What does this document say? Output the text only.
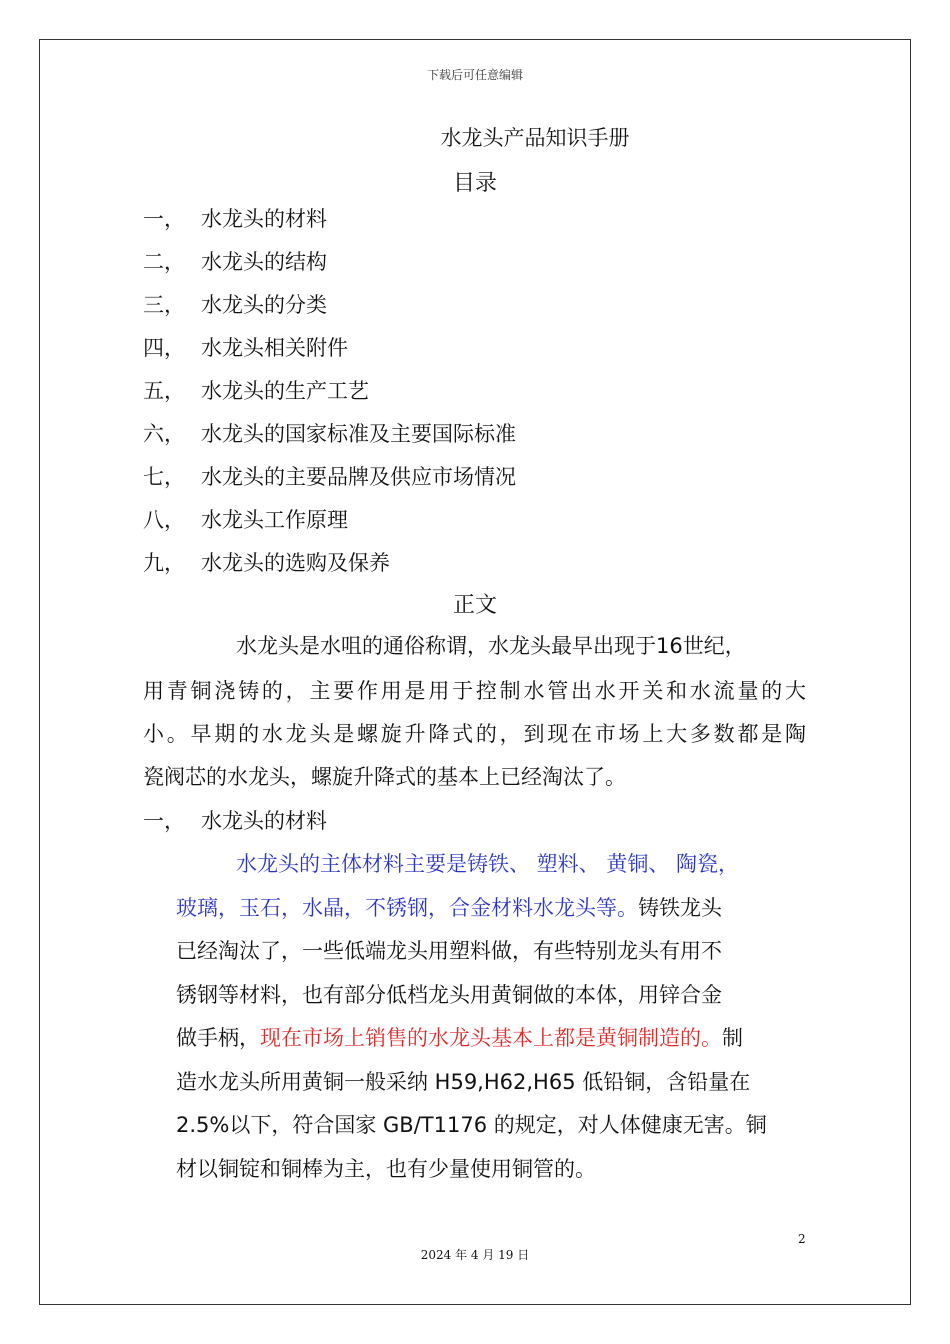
下载后可任意编辑
水龙头产品知识手册
目录
一， 水龙头的材料
二， 水龙头的结构
三， 水龙头的分类
四， 水龙头相关附件
五， 水龙头的生产工艺
六， 水龙头的国家标准及主要国际标准
七， 水龙头的主要品牌及供应市场情况
八， 水龙头工作原理
九， 水龙头的选购及保养
正文
水龙头是水咀的通俗称谓，水龙头最早出现于16世纪，
用青铜浇铸的，主要作用是用于控制水管出水开关和水流量的大
小。早期的水龙头是螺旋升降式的，到现在市场上大多数都是陶
瓷阀芯的水龙头，螺旋升降式的基本上已经淘汰了。
一， 水龙头的材料
水龙头的主体材料主要是铸铁、 塑料、 黄铜、 陶瓷，
玻璃，玉石，水晶，不锈钢，合金材料水龙头等。铸铁龙头
已经淘汰了，一些低端龙头用塑料做，有些特别龙头有用不
锈钢等材料，也有部分低档龙头用黄铜做的本体，用锌合金
做手柄，现在市场上销售的水龙头基本上都是黄铜制造的。制
造水龙头所用黄铜一般采纳 H59,H62,H65 低铅铜，含铅量在
2.5%以下，符合国家 GB/T1176 的规定，对人体健康无害。铜
材以铜锭和铜棒为主，也有少量使用铜管的。
2
2024 年 4 月 19 日
